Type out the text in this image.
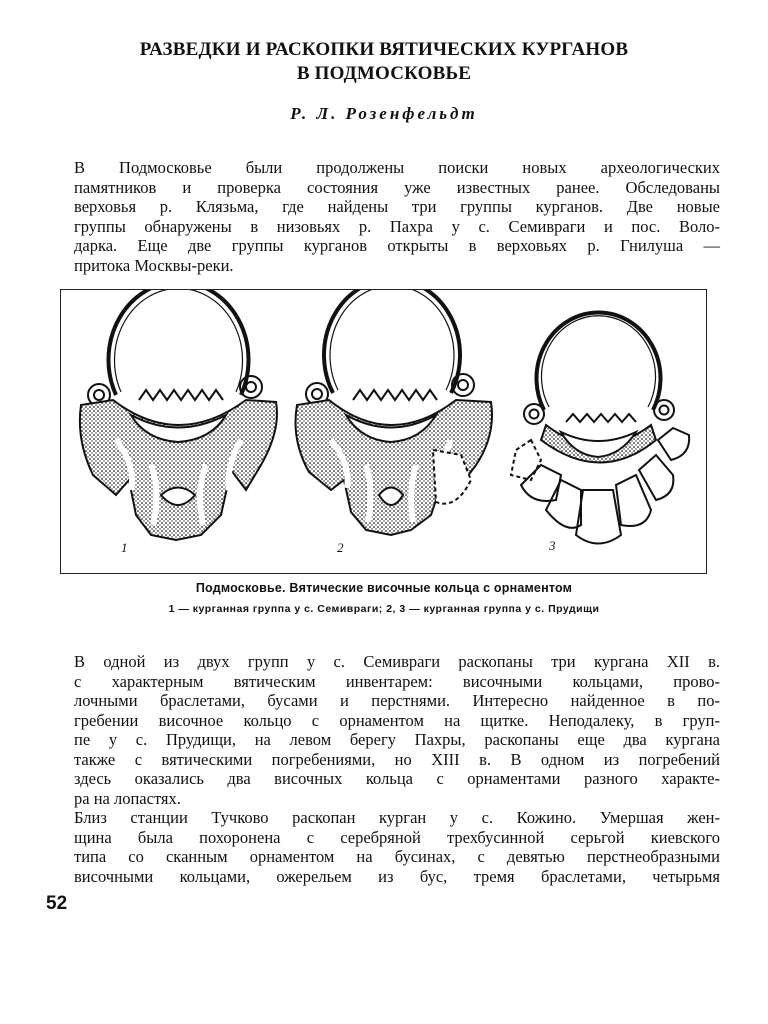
РАЗВЕДКИ И РАСКОПКИ ВЯТИЧЕСКИХ КУРГАНОВ
В ПОДМОСКОВЬЕ
Р. Л. Розенфельдт

В Подмосковье были продолжены поиски новых археологических
памятников и проверка состояния уже известных ранее. Обследованы
верховья р. Клязьма, где найдены три группы курганов. Две новые
группы обнаружены в низовьях р. Пахра у с. Семивраги и пос. Воло-
дарка. Еще две группы курганов открыты в верховьях р. Гнилуша —
притока Москвы-реки.

1	2	3
Подмосковье. Вятические височные кольца с орнаментом
1 — курганная группа у с. Семивраги; 2, 3 — курганная группа у с. Прудищи

В одной из двух групп у с. Семивраги раскопаны три кургана XII в.
с характерным вятическим инвентарем: височными кольцами, прово-
лочными браслетами, бусами и перстнями. Интересно найденное в по-
гребении височное кольцо с орнаментом на щитке. Неподалеку, в груп-
пе у с. Прудищи, на левом берегу Пахры, раскопаны еще два кургана
также с вятическими погребениями, но XIII в. В одном из погребений
здесь оказались два височных кольца с орнаментами разного характе-
ра на лопастях.

Близ станции Тучково раскопан курган у с. Кожино. Умершая жен-
щина была похоронена с серебряной трехбусинной серьгой киевского
типа со сканным орнаментом на бусинах, с девятью перстнеобразными
височными кольцами, ожерельем из бус, тремя браслетами, четырьмя

52
